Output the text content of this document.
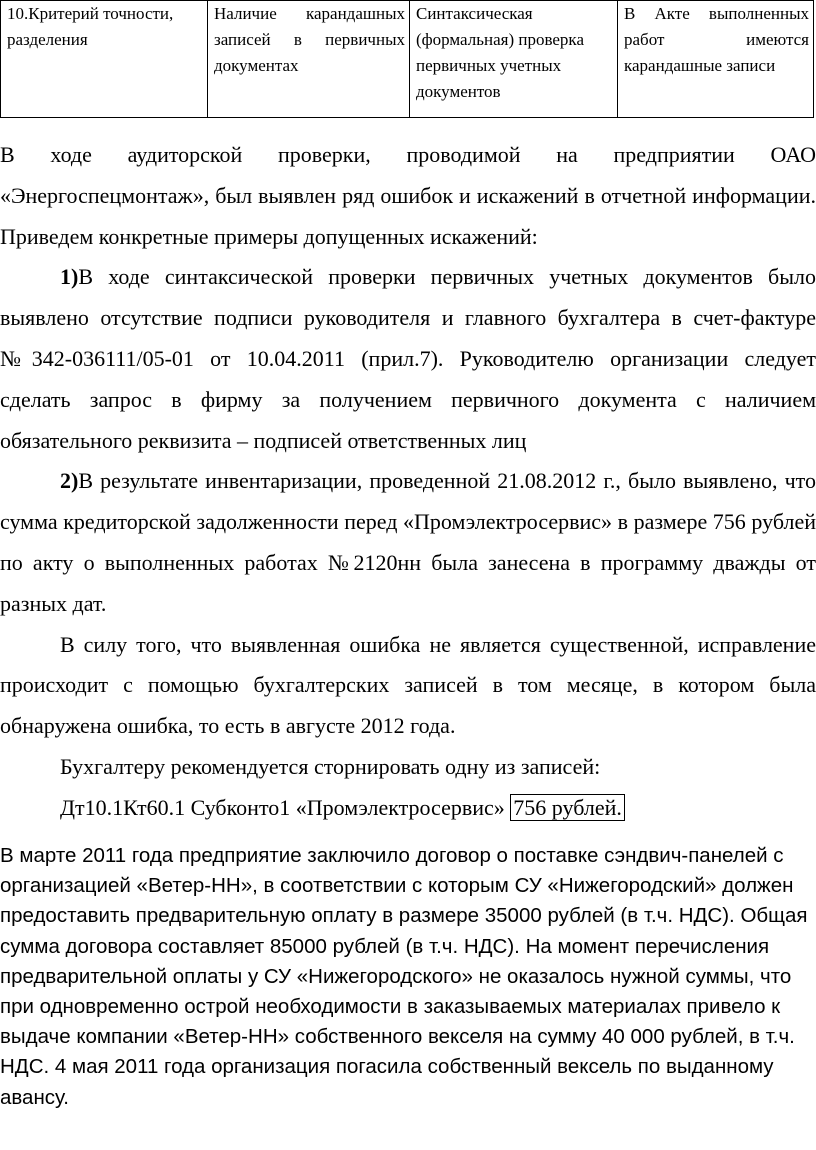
10.Критерий точности, разделения	Наличие карандашных записей в первичных документах	Синтаксическая (формальная) проверка первичных учетных документов	В Акте выполненных работ имеются карандашные записи

В ходе аудиторской проверки, проводимой на предприятии ОАО «Энергоспецмонтаж», был выявлен ряд ошибок и искажений в отчетной информации. Приведем конкретные примеры допущенных искажений:

1)В ходе синтаксической проверки первичных учетных документов было выявлено отсутствие подписи руководителя и главного бухгалтера в счет-фактуре №342-036111/05-01 от 10.04.2011 (прил.7). Руководителю организации следует сделать запрос в фирму за получением первичного документа с наличием обязательного реквизита – подписей ответственных лиц

2)В результате инвентаризации, проведенной 21.08.2012 г., было выявлено, что сумма кредиторской задолженности перед «Промэлектросервис» в размере 756 рублей по акту о выполненных работах №2120нн была занесена в программу дважды от разных дат.

В силу того, что выявленная ошибка не является существенной, исправление происходит с помощью бухгалтерских записей в том месяце, в котором была обнаружена ошибка, то есть в августе 2012 года.

Бухгалтеру рекомендуется сторнировать одну из записей:

Дт10.1Кт60.1 Субконто1 «Промэлектросервис» 756 рублей.

В марте 2011 года предприятие заключило договор о поставке сэндвич-панелей с организацией «Ветер-НН», в соответствии с которым СУ «Нижегородский» должен предоставить предварительную оплату в размере 35000 рублей (в т.ч. НДС). Общая сумма договора составляет 85000 рублей (в т.ч. НДС). На момент перечисления предварительной оплаты у СУ «Нижегородского» не оказалось нужной суммы, что при одновременно острой необходимости в заказываемых материалах привело к выдаче компании «Ветер-НН» собственного векселя на сумму 40 000 рублей, в т.ч. НДС. 4 мая 2011 года организация погасила собственный вексель по выданному авансу.
